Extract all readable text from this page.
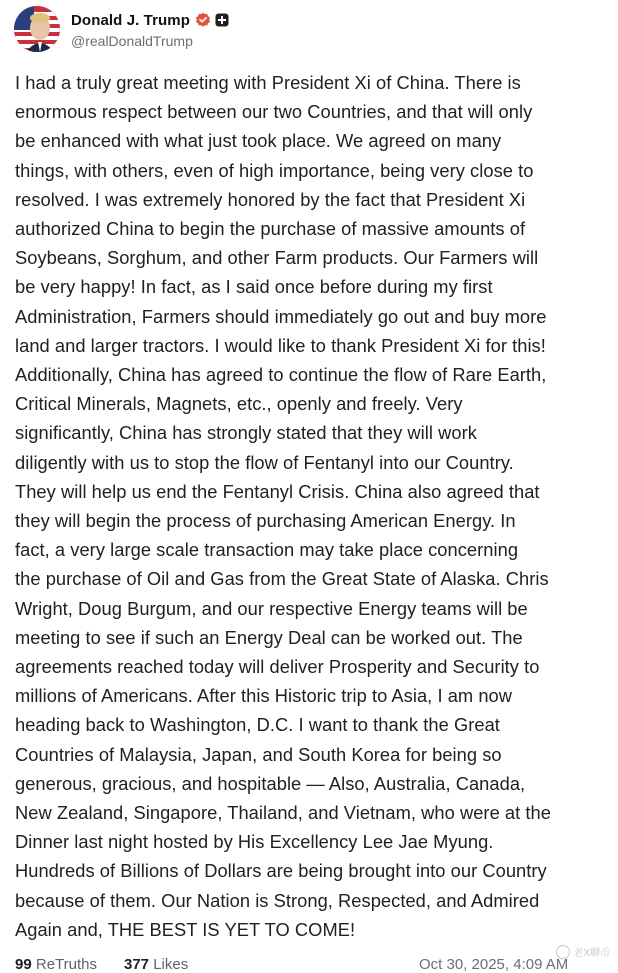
Donald J. Trump
@realDonaldTrump

I had a truly great meeting with President Xi of China. There is
enormous respect between our two Countries, and that will only
be enhanced with what just took place. We agreed on many
things, with others, even of high importance, being very close to
resolved. I was extremely honored by the fact that President Xi
authorized China to begin the purchase of massive amounts of
Soybeans, Sorghum, and other Farm products. Our Farmers will
be very happy! In fact, as I said once before during my first
Administration, Farmers should immediately go out and buy more
land and larger tractors. I would like to thank President Xi for this!
Additionally, China has agreed to continue the flow of Rare Earth,
Critical Minerals, Magnets, etc., openly and freely. Very
significantly, China has strongly stated that they will work
diligently with us to stop the flow of Fentanyl into our Country.
They will help us end the Fentanyl Crisis. China also agreed that
they will begin the process of purchasing American Energy. In
fact, a very large scale transaction may take place concerning
the purchase of Oil and Gas from the Great State of Alaska. Chris
Wright, Doug Burgum, and our respective Energy teams will be
meeting to see if such an Energy Deal can be worked out. The
agreements reached today will deliver Prosperity and Security to
millions of Americans. After this Historic trip to Asia, I am now
heading back to Washington, D.C. I want to thank the Great
Countries of Malaysia, Japan, and South Korea for being so
generous, gracious, and hospitable — Also, Australia, Canada,
New Zealand, Singapore, Thailand, and Vietnam, who were at the
Dinner last night hosted by His Excellency Lee Jae Myung.
Hundreds of Billions of Dollars are being brought into our Country
because of them. Our Nation is Strong, Respected, and Admired
Again and, THE BEST IS YET TO COME!

99 ReTruths 377 Likes	Oct 30, 2025, 4:09 AM
老X聊币
